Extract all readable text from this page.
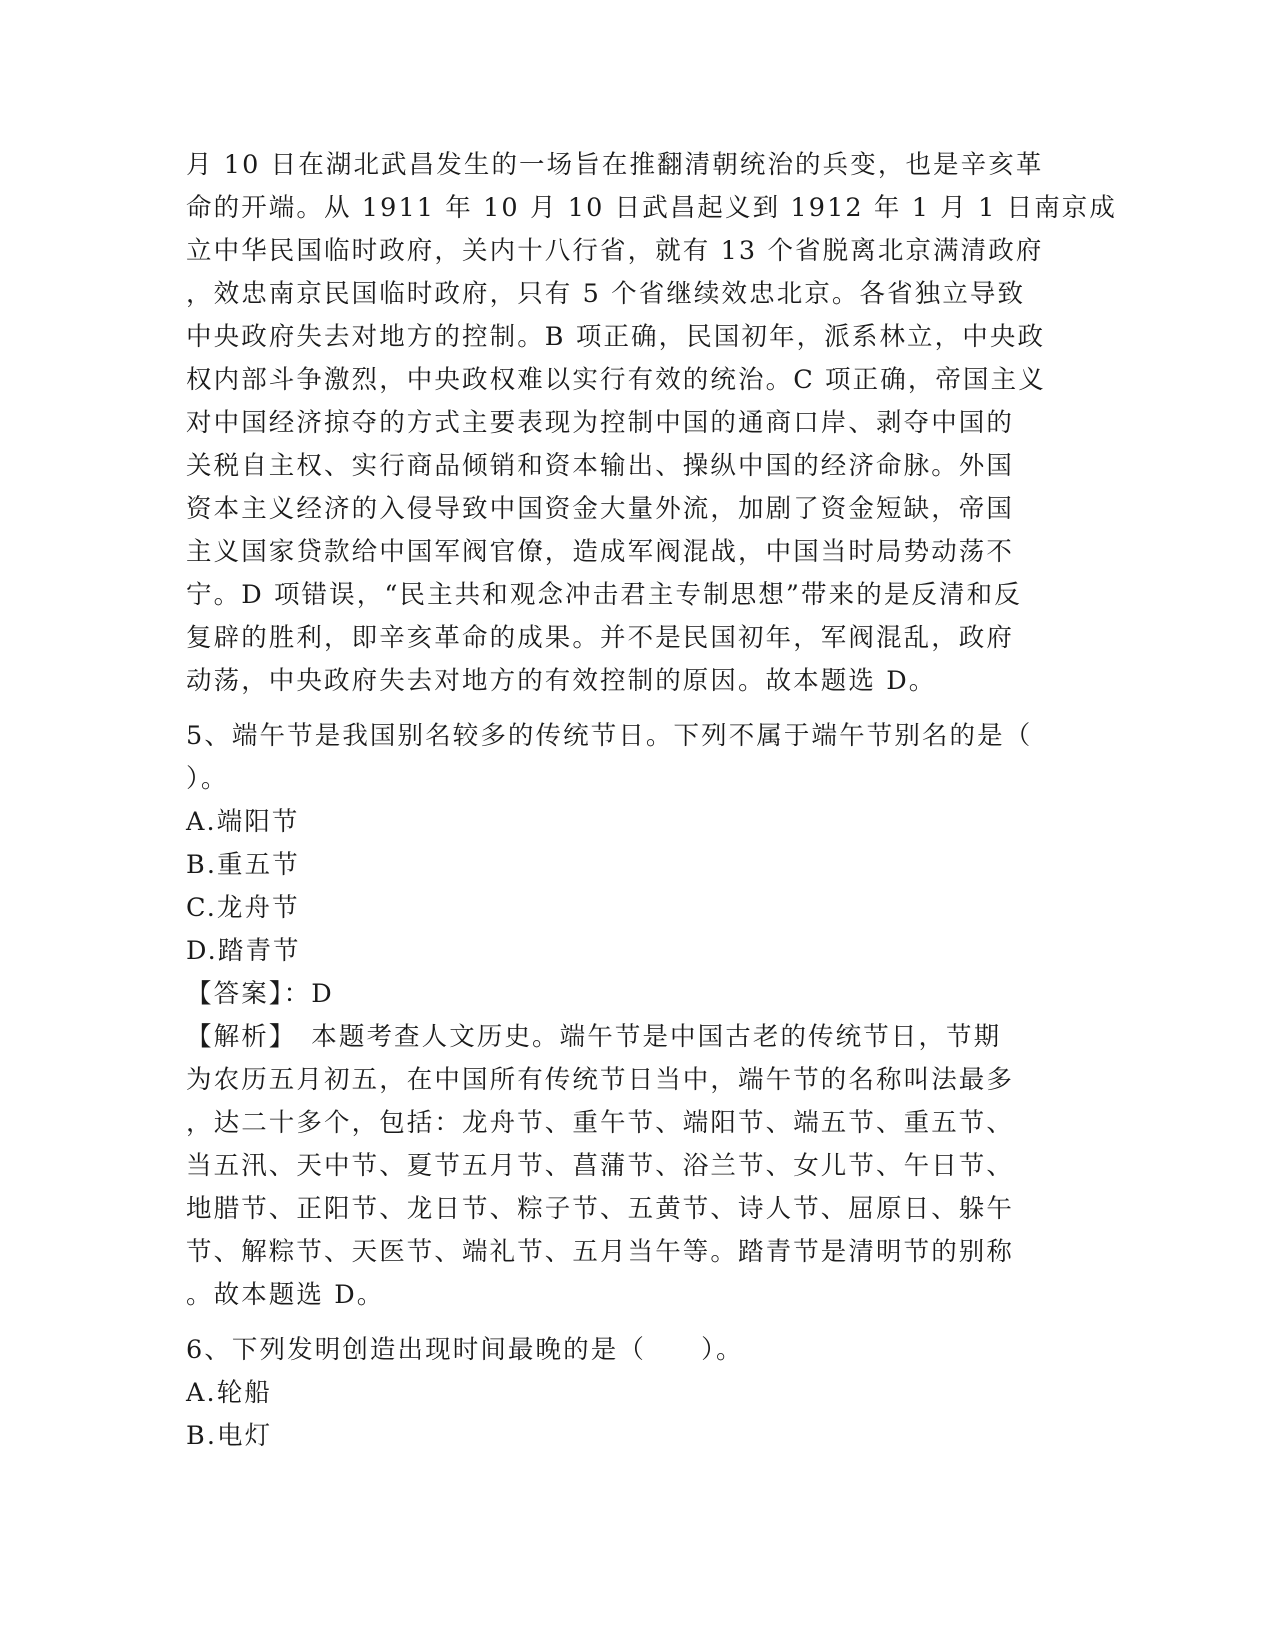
月 10 日在湖北武昌发生的一场旨在推翻清朝统治的兵变，也是辛亥革
命的开端。从 1911 年 10 月 10 日武昌起义到 1912 年 1 月 1 日南京成
立中华民国临时政府，关内十八行省，就有 13 个省脱离北京满清政府
，效忠南京民国临时政府，只有 5 个省继续效忠北京。各省独立导致
中央政府失去对地方的控制。B 项正确，民国初年，派系林立，中央政
权内部斗争激烈，中央政权难以实行有效的统治。C 项正确，帝国主义
对中国经济掠夺的方式主要表现为控制中国的通商口岸、剥夺中国的
关税自主权、实行商品倾销和资本输出、操纵中国的经济命脉。外国
资本主义经济的入侵导致中国资金大量外流，加剧了资金短缺，帝国
主义国家贷款给中国军阀官僚，造成军阀混战，中国当时局势动荡不
宁。D 项错误，“民主共和观念冲击君主专制思想”带来的是反清和反
复辟的胜利，即辛亥革命的成果。并不是民国初年，军阀混乱，政府
动荡，中央政府失去对地方的有效控制的原因。故本题选 D。
5、端午节是我国别名较多的传统节日。下列不属于端午节别名的是（
）。
A.端阳节
B.重五节
C.龙舟节
D.踏青节
【答案】：D
【解析】　本题考查人文历史。端午节是中国古老的传统节日，节期
为农历五月初五，在中国所有传统节日当中，端午节的名称叫法最多
，达二十多个，包括：龙舟节、重午节、端阳节、端五节、重五节、
当五汛、天中节、夏节五月节、菖蒲节、浴兰节、女儿节、午日节、
地腊节、正阳节、龙日节、粽子节、五黄节、诗人节、屈原日、躲午
节、解粽节、天医节、端礼节、五月当午等。踏青节是清明节的别称
。故本题选 D。
6、下列发明创造出现时间最晚的是（　　）。
A.轮船
B.电灯
